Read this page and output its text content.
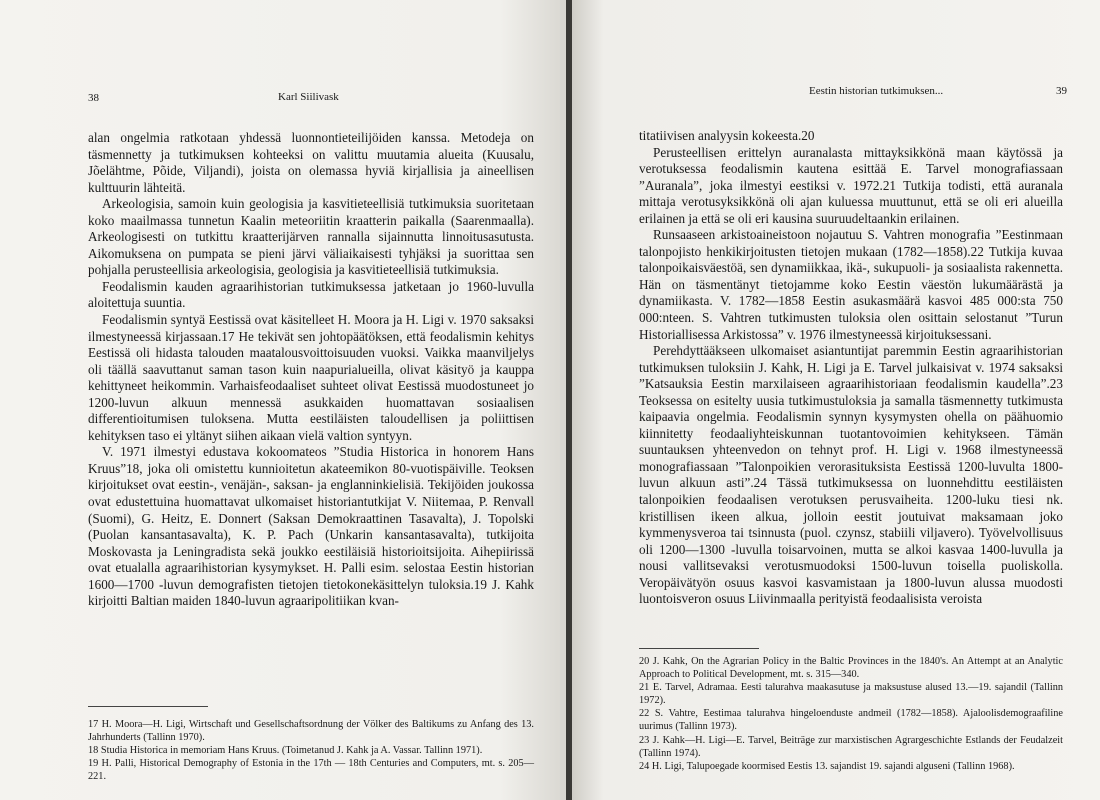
38	Karl Siilivask

alan ongelmia ratkotaan yhdessä luonnontieteilijöiden kanssa. Metodeja on täsmennetty ja tutkimuksen kohteeksi on valittu muutamia alueita (Kuusalu, Jõelähtme, Põide, Viljandi), joista on olemassa hyviä kirjallisia ja aineellisen kulttuurin lähteitä.

Arkeologisia, samoin kuin geologisia ja kasvitieteellisiä tutkimuksia suoritetaan koko maailmassa tunnetun Kaalin meteoriitin kraatterin paikalla (Saarenmaalla). Arkeologisesti on tutkittu kraatterijärven rannalla sijainnutta linnoitusasutusta. Aikomuksena on pumpata se pieni järvi väliaikaisesti tyhjäksi ja suorittaa sen pohjalla perusteellisia arkeologisia, geologisia ja kasvitieteellisiä tutkimuksia.

Feodalismin kauden agraarihistorian tutkimuksessa jatketaan jo 1960-luvulla aloitettuja suuntia.

Feodalismin syntyä Eestissä ovat käsitelleet H. Moora ja H. Ligi v. 1970 saksaksi ilmestyneessä kirjassaan.17 He tekivät sen johtopäätöksen, että feodalismin kehitys Eestissä oli hidasta talouden maatalousvoittoisuuden vuoksi. Vaikka maanviljelys oli täällä saavuttanut saman tason kuin naapurialueilla, olivat käsityö ja kauppa kehittyneet heikommin. Varhaisfeodaaliset suhteet olivat Eestissä muodostuneet jo 1200-luvun alkuun mennessä asukkaiden huomattavan sosiaalisen differentioitumisen tuloksena. Mutta eestiläisten taloudellisen ja poliittisen kehityksen taso ei yltänyt siihen aikaan vielä valtion syntyyn.

V. 1971 ilmestyi edustava kokoomateos ”Studia Historica in honorem Hans Kruus”18, joka oli omistettu kunnioitetun akateemikon 80-vuotispäiville. Teoksen kirjoitukset ovat eestin-, venäjän-, saksan- ja englanninkielisiä. Tekijöiden joukossa ovat edustettuina huomattavat ulkomaiset historiantutkijat V. Niitemaa, P. Renvall (Suomi), G. Heitz, E. Donnert (Saksan Demokraattinen Tasavalta), J. Topolski (Puolan kansantasavalta), K. P. Pach (Unkarin kansantasavalta), tutkijoita Moskovasta ja Leningradista sekä joukko eestiläisiä historioitsijoita. Aihepiirissä ovat etualalla agraarihistorian kysymykset. H. Palli esim. selostaa Eestin historian 1600—1700 -luvun demografisten tietojen tietokonekäsittelyn tuloksia.19 J. Kahk kirjoitti Baltian maiden 1840-luvun agraaripolitiikan kvan-

17 H. Moora—H. Ligi, Wirtschaft und Gesellschaftsordnung der Völker des Baltikums zu Anfang des 13. Jahrhunderts (Tallinn 1970).

18 Studia Historica in memoriam Hans Kruus. (Toimetanud J. Kahk ja A. Vassar. Tallinn 1971).

19 H. Palli, Historical Demography of Estonia in the 17th — 18th Centuries and Computers, mt. s. 205—221.

Eestin historian tutkimuksen...	39

titatiivisen analyysin kokeesta.20

Perusteellisen erittelyn auranalasta mittayksikkönä maan käytössä ja verotuksessa feodalismin kautena esittää E. Tarvel monografiassaan ”Auranala”, joka ilmestyi eestiksi v. 1972.21 Tutkija todisti, että auranala mittaja verotusyksikkönä oli ajan kuluessa muuttunut, että se oli eri alueilla erilainen ja että se oli eri kausina suuruudeltaankin erilainen.

Runsaaseen arkistoaineistoon nojautuu S. Vahtren monografia ”Eestinmaan talonpojisto henkikirjoitusten tietojen mukaan (1782—1858).22 Tutkija kuvaa talonpoikaisväestöä, sen dynamiikkaa, ikä-, sukupuoli- ja sosiaalista rakennetta. Hän on täsmentänyt tietojamme koko Eestin väestön lukumäärästä ja dynamiikasta. V. 1782—1858 Eestin asukasmäärä kasvoi 485 000:sta 750 000:nteen. S. Vahtren tutkimusten tuloksia olen osittain selostanut ”Turun Historiallisessa Arkistossa” v. 1976 ilmestyneessä kirjoituksessani.

Perehdyttääkseen ulkomaiset asiantuntijat paremmin Eestin agraarihistorian tutkimuksen tuloksiin J. Kahk, H. Ligi ja E. Tarvel julkaisivat v. 1974 saksaksi ”Katsauksia Eestin marxilaiseen agraarihistoriaan feodalismin kaudella”.23 Teoksessa on esitelty uusia tutkimustuloksia ja samalla täsmennetty tutkimusta kaipaavia ongelmia. Feodalismin synnyn kysymysten ohella on päähuomio kiinnitetty feodaaliyhteiskunnan tuotantovoimien kehitykseen. Tämän suuntauksen yhteenvedon on tehnyt prof. H. Ligi v. 1968 ilmestyneessä monografiassaan ”Talonpoikien verorasituksista Eestissä 1200-luvulta 1800-luvun alkuun asti”.24 Tässä tutkimuksessa on luonnehdittu eestiläisten talonpoikien feodaalisen verotuksen perusvaiheita. 1200-luku tiesi nk. kristillisen ikeen alkua, jolloin eestit joutuivat maksamaan joko kymmenysveroa tai tsinnusta (puol. czynsz, stabiili viljavero). Työvelvollisuus oli 1200—1300 -luvulla toisarvoinen, mutta se alkoi kasvaa 1400-luvulla ja nousi vallitsevaksi verotusmuodoksi 1500-luvun toisella puoliskolla. Veropäivätyön osuus kasvoi kasvamistaan ja 1800-luvun alussa muodosti luontoisveron osuus Liivinmaalla perityistä feodaalisista veroista

20 J. Kahk, On the Agrarian Policy in the Baltic Provinces in the 1840's. An Attempt at an Analytic Approach to Political Development, mt. s. 315—340.

21 E. Tarvel, Adramaa. Eesti talurahva maakasutuse ja maksustuse alused 13.—19. sajandil (Tallinn 1972).

22 S. Vahtre, Eestimaa talurahva hingeloenduste andmeil (1782—1858). Ajaloolisdemograafiline uurimus (Tallinn 1973).

23 J. Kahk—H. Ligi—E. Tarvel, Beiträge zur marxistischen Agrargeschichte Estlands der Feudalzeit (Tallinn 1974).

24 H. Ligi, Talupoegade koormised Eestis 13. sajandist 19. sajandi alguseni (Tallinn 1968).
